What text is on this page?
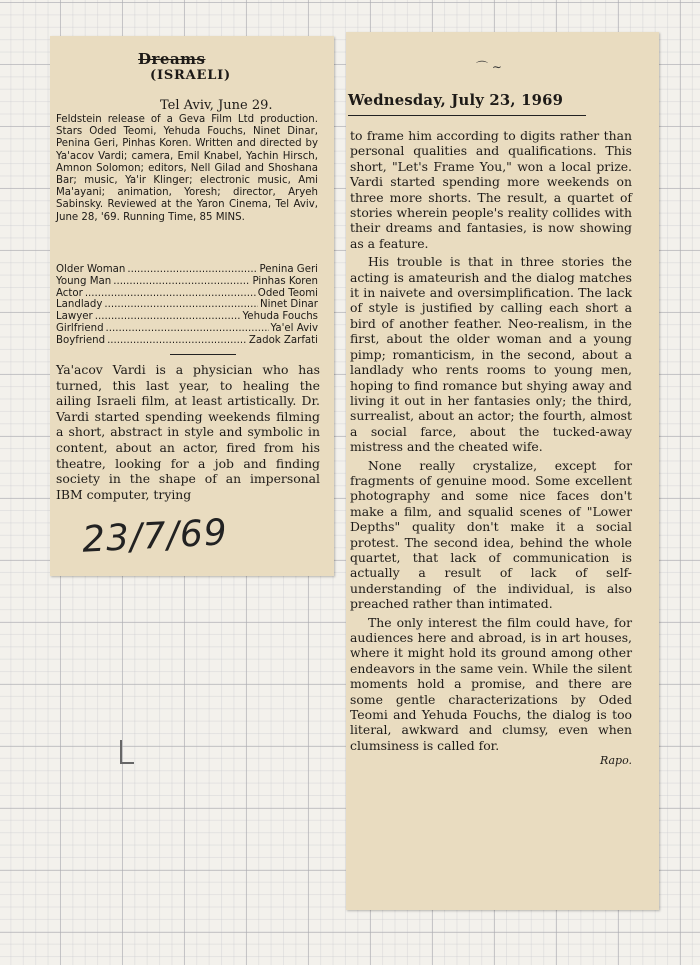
Dreams
(ISRAELI)
Tel Aviv, June 29.
Feldstein release of a Geva Film Ltd production. Stars Oded Teomi, Yehuda Fouchs, Ninet Dinar, Penina Geri, Pinhas Koren. Written and directed by Ya'acov Vardi; camera, Emil Knabel, Yachin Hirsch, Amnon Solomon; editors, Nell Gilad and Shoshana Bar; music, Ya'ir Klinger; electronic music, Ami Ma'ayani; animation, Yoresh; director, Aryeh Sabinsky. Reviewed at the Yaron Cinema, Tel Aviv, June 28, '69. Running Time, 85 MINS.
Older Woman .....	Penina Geri
Young Man .....	Pinhas Koren
Actor .....	Oded Teomi
Landlady .....	Ninet Dinar
Lawyer .....	Yehuda Fouchs
Girlfriend .....	Ya'el Aviv
Boyfriend .....	Zadok Zarfati

Ya'acov Vardi is a physician who has turned, this last year, to healing the ailing Israeli film, at least artistically. Dr. Vardi started spending weekends filming a short, abstract in style and symbolic in content, about an actor, fired from his theatre, looking for a job and finding society in the shape of an impersonal IBM computer, trying

23/7/69
⌒ ∼
Wednesday, July 23, 1969

to frame him according to digits rather than personal qualities and qualifications. This short, "Let's Frame You," won a local prize. Vardi started spending more weekends on three more shorts. The result, a quartet of stories wherein people's reality collides with their dreams and fantasies, is now showing as a feature.

His trouble is that in three stories the acting is amateurish and the dialog matches it in naivete and oversimplification. The lack of style is justified by calling each short a bird of another feather. Neo-realism, in the first, about the older woman and a young pimp; romanticism, in the second, about a landlady who rents rooms to young men, hoping to find romance but shying away and living it out in her fantasies only; the third, surrealist, about an actor; the fourth, almost a social farce, about the tucked-away mistress and the cheated wife.

None really crystalize, except for fragments of genuine mood. Some excellent photography and some nice faces don't make a film, and squalid scenes of "Lower Depths" quality don't make it a social protest. The second idea, behind the whole quartet, that lack of communication is actually a result of lack of self-understanding of the individual, is also preached rather than intimated.

The only interest the film could have, for audiences here and abroad, is in art houses, where it might hold its ground among other endeavors in the same vein. While the silent moments hold a promise, and there are some gentle characterizations by Oded Teomi and Yehuda Fouchs, the dialog is too literal, awkward and clumsy, even when clumsiness is called for.

Rapo.
